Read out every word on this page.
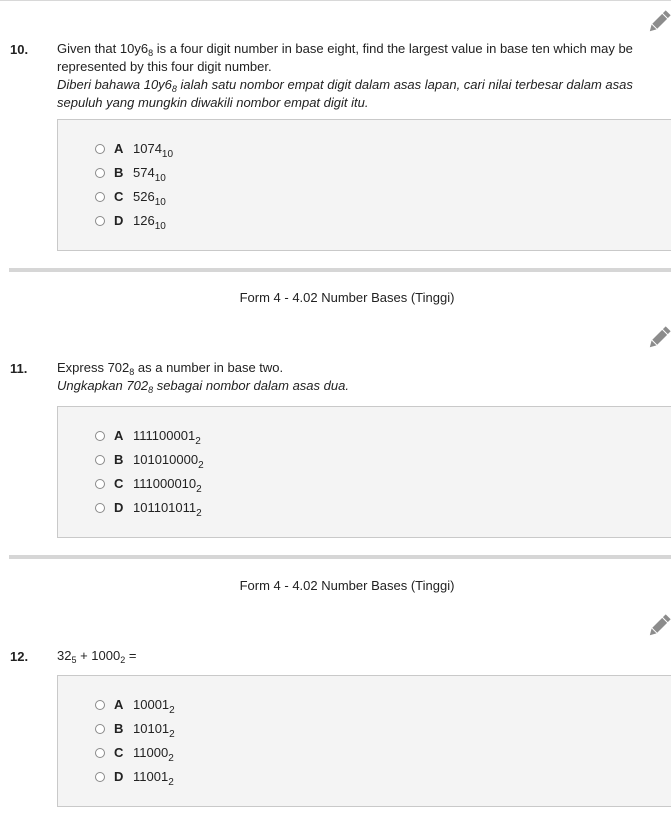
10. Given that $10y6_8$ is a four digit number in base eight, find the largest value in base ten which may be
represented by this four digit number.
Diberi bahawa $10y6_8$ ialah satu nombor empat digit dalam asas lapan, cari nilai terbesar dalam asas
sepuluh yang mungkin diwakili nombor empat digit itu.
A $1074_{10}$
B $574_{10}$
C $526_{10}$
D $126_{10}$
Form 4 - 4.02 Number Bases (Tinggi)
11. Express $702_8$ as a number in base two.
Ungkapkan $702_8$ sebagai nombor dalam asas dua.
A $111100001_2$
B $101010000_2$
C $111000010_2$
D $101101011_2$
Form 4 - 4.02 Number Bases (Tinggi)
12. $32_5 + 1000_2$ =
A $10001_2$
B $10101_2$
C $11000_2$
D $11001_2$
